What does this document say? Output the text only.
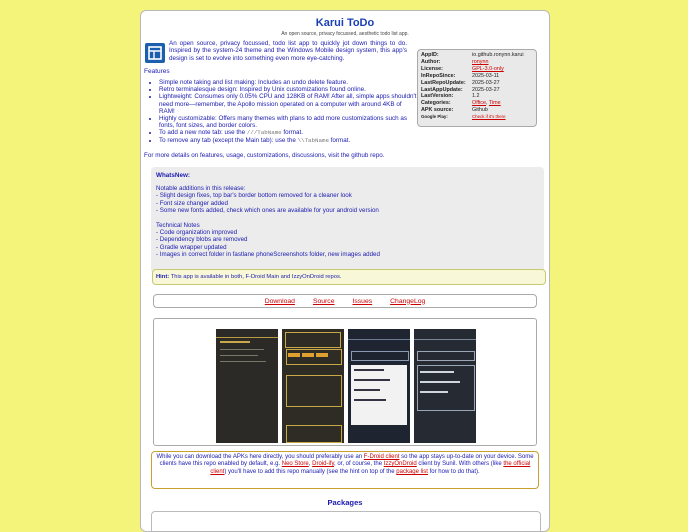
Karui ToDo
An open source, privacy focussed, aesthetic todo list app.
An open source, privacy focussed, todo list app to quickly jot down things to do. Inspired by the system-24 theme and the Windows Mobile design system, this app's design is set to evolve into something even more eye-catching.
Features
• Simple note taking and list making: Includes an undo delete feature.
• Retro terminalesque design: Inspired by Unix customizations found online.
• Lightweight: Consumes only 0.05% CPU and 128KB of RAM! After all, simple apps shouldn't need more—remember, the Apollo mission operated on a computer with around 4KB of RAM!
• Highly customizable: Offers many themes with plans to add more customizations such as fonts, font sizes, and border colors.
• To add a new note tab: use the ///TabName format.
• To remove any tab (except the Main tab): use the \\TabName format.
For more details on features, usage, customizations, discussions, visit the github repo.
AppID:	io.github.ronynn.karui
Author:	ronynn
License:	GPL-3.0-only
InRepoSince:	2025-03-11
LastRepoUpdate:	2025-03-27
LastAppUpdate:	2025-03-27
LastVersion:	1.2
Categories:	Office, Time
APK source:	Github
Google Play:	Check if it's there
WhatsNew:
Notable additions in this release:
- Slight design fixes, top bar's border bottom removed for a cleaner look
- Font size changer added
- Some new fonts added, check which ones are available for your android version
Technical Notes
- Code organization improved
- Dependency blobs are removed
- Gradle wrapper updated
- Images in correct folder in fastlane phoneScreenshots folder, new images added
Hint: This app is available in both, F-Droid Main and IzzyOnDroid repos.
Download	Source	Issues	ChangeLog
While you can download the APKs here directly, you should preferably use an F-Droid client so the app stays up-to-date on your device. Some clients have this repo enabled by default, e.g. Neo Store, Droid-ify, or, of course, the IzzyOnDroid client by Sunil. With others (like the official client) you'll have to add this repo manually (see the hint on top of the package list for how to do that).
Packages
